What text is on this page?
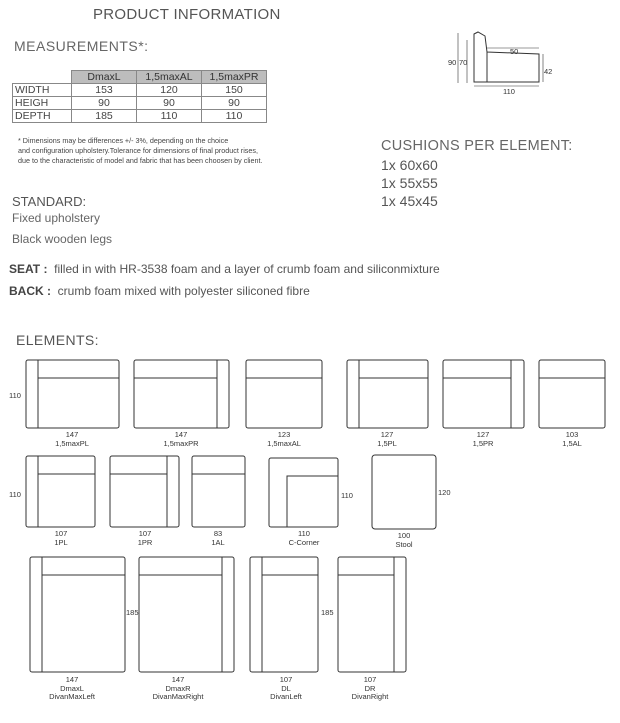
PRODUCT INFORMATION
MEASUREMENTS*:
	DmaxL	1,5maxAL	1,5maxPR
WIDTH	153	120	150
HEIGH	90	90	90
DEPTH	185	110	110
* Dimensions may be differences +/- 3%, depending on the choice
and configuration upholstery.Tolerance for dimensions of final product rises,
due to the characteristic of model and fabric that has been choosen by client.
CUSHIONS PER ELEMENT:
1x 60x60
1x 55x55
1x 45x45
STANDARD:
Fixed upholstery
Black wooden legs
SEAT : filled in with HR-3538 foam and a layer of crumb foam and siliconmixture
BACK : crumb foam mixed with polyester siliconed fibre
ELEMENTS:
50
90 70
42
110
110
147
1,5maxPL
147
1,5maxPR
123
1,5maxAL
127
1,5PL
127
1,5PR
103
1,5AL
110
107
1PL
107
1PR
83
1AL
110
C-Corner
110
100
Stool
120
185	185
147
DmaxL
DivanMaxLeft
147
DmaxR
DivanMaxRight
107
DL
DivanLeft
107
DR
DivanRight
